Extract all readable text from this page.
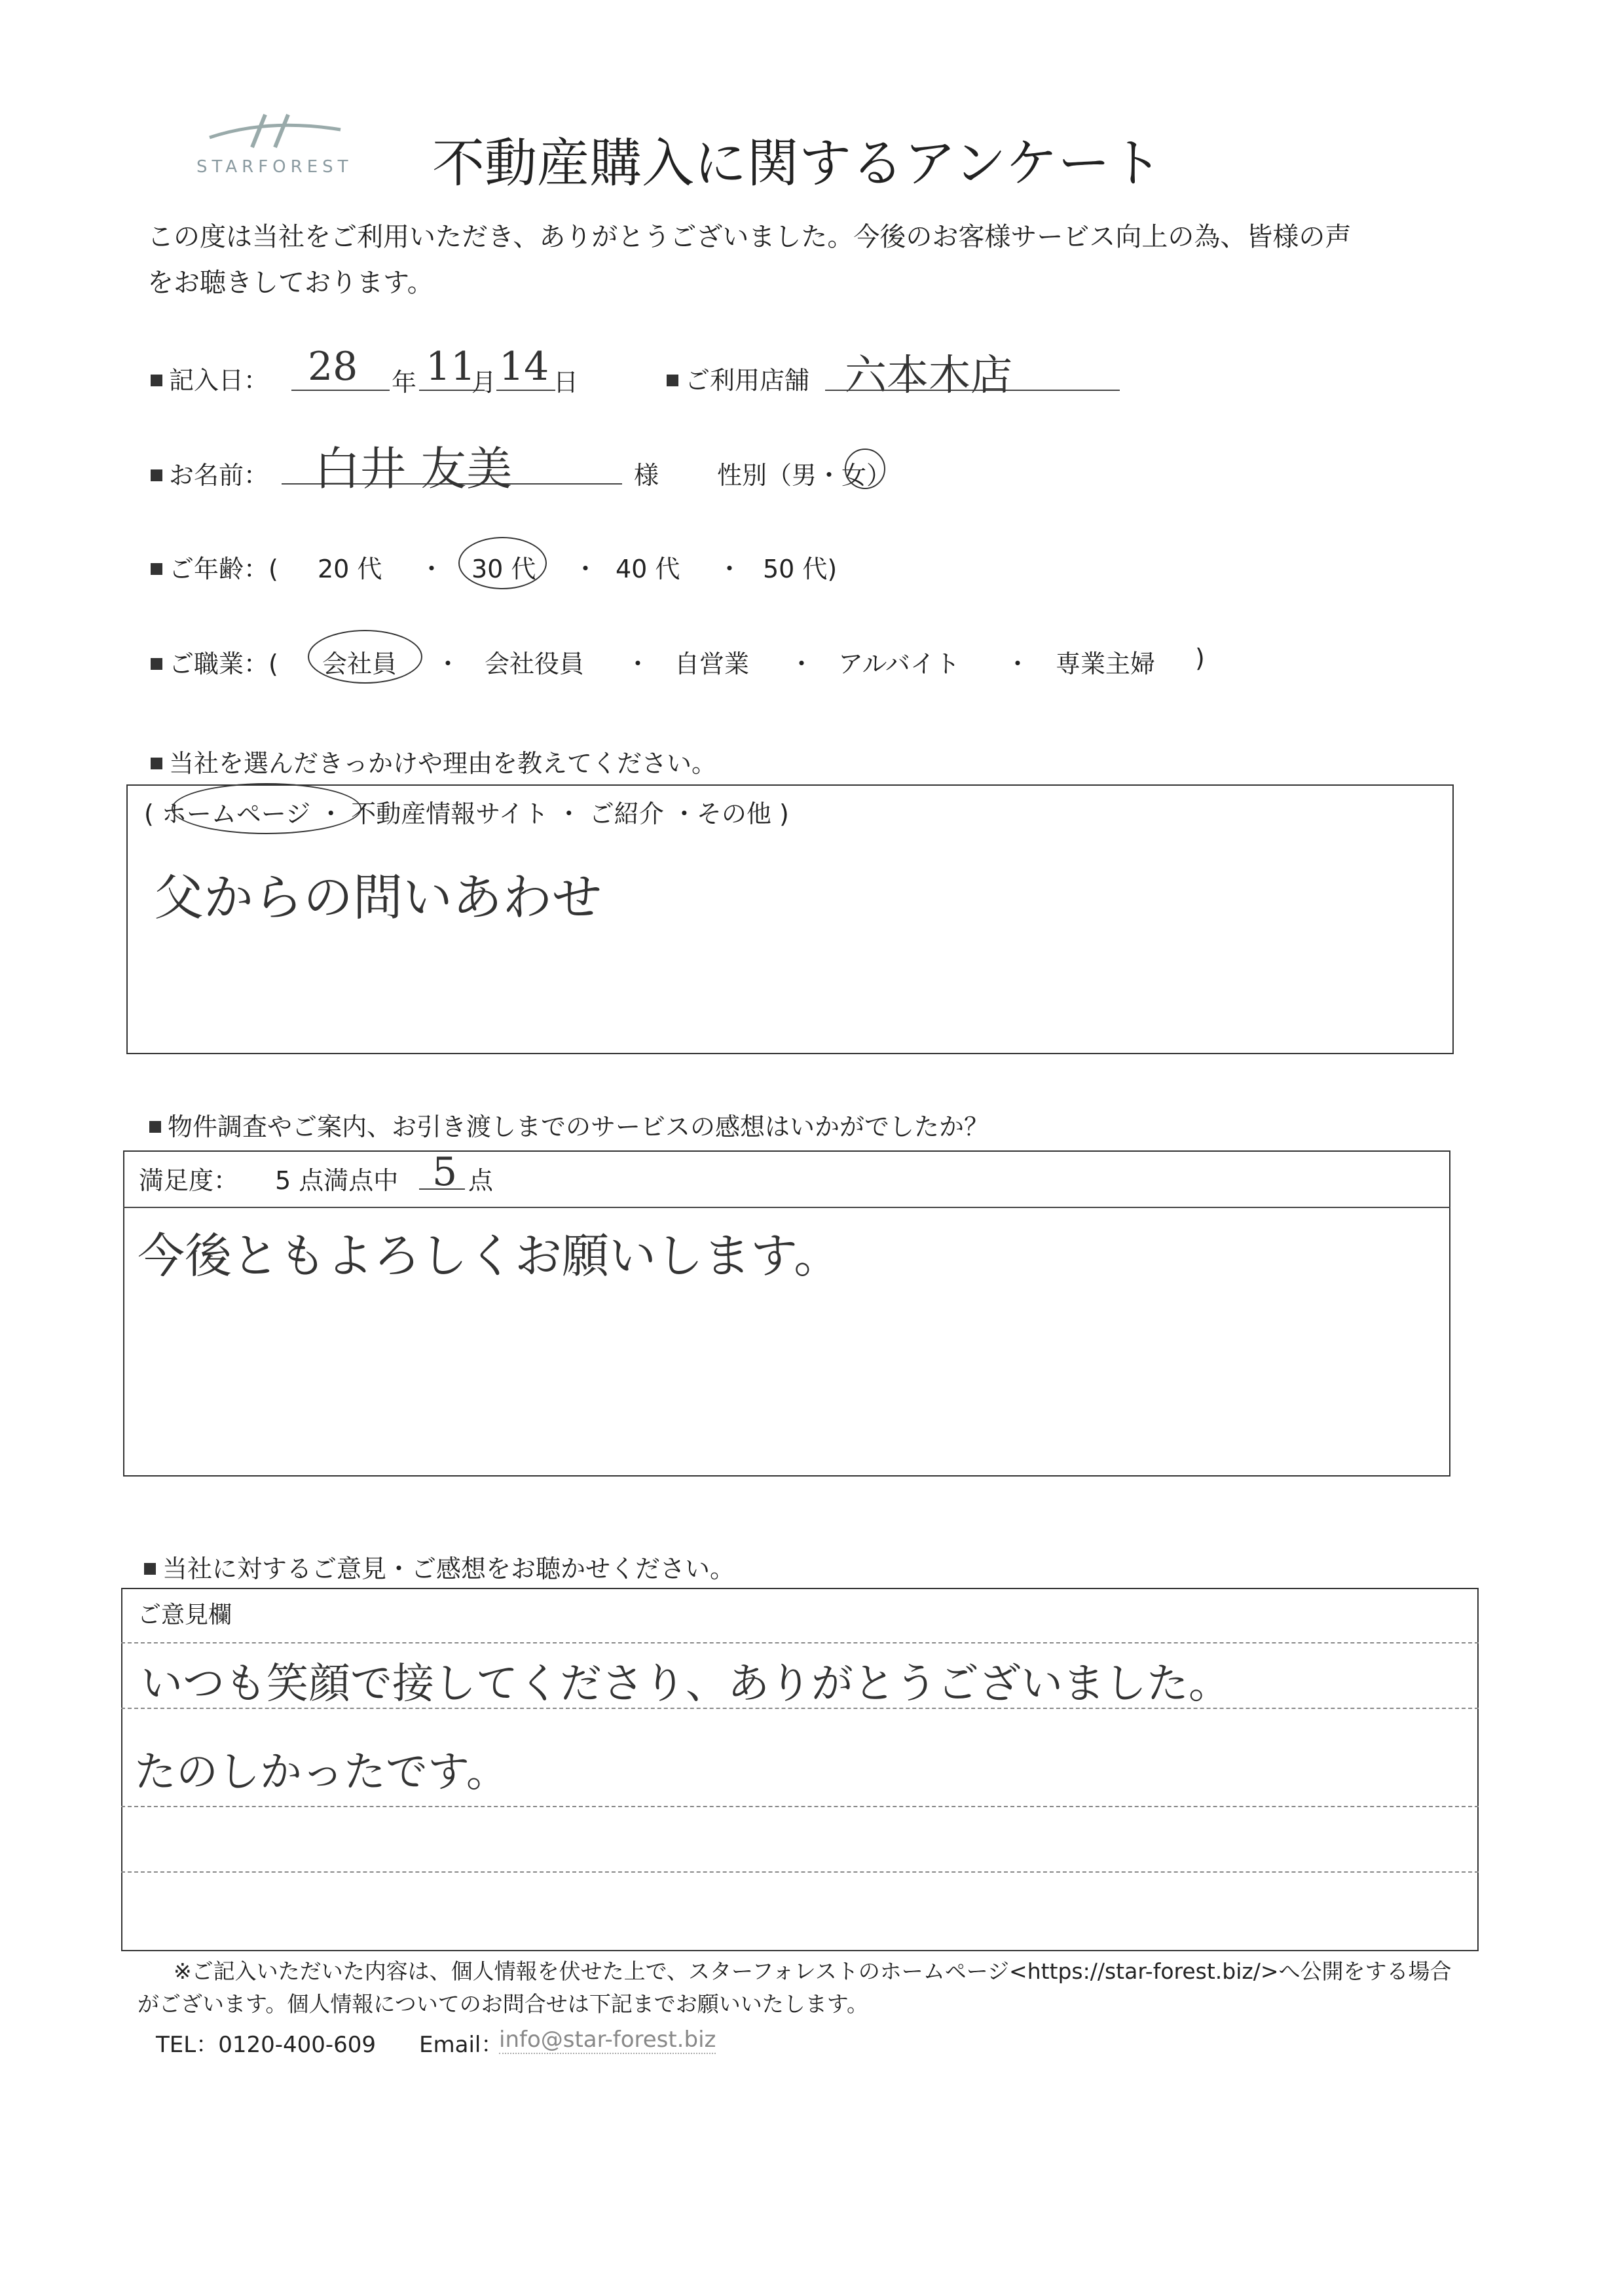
STARFOREST 不動産購入に関するアンケート
この度は当社をご利用いただき、ありがとうございました。今後のお客様サービス向上の為、皆様の声
をお聴きしております。
記入日： 28 年 11
月 14 日	ご利用店舗 六本木店
お名前： 白井 友美	様 性別（男・女）
ご年齢：( 20 代 ・ 30 代 ・ 40 代 ・ 50 代)
ご職業：( 会社員 ・ 会社役員 ・ 自営業 ・ アルバイト ・ 専業主婦 )
当社を選んだきっかけや理由を教えてください。
( ホームページ ・ 不動産情報サイト ・ ご紹介 ・その他 )
父からの問いあわせ
物件調査やご案内、お引き渡しまでのサービスの感想はいかがでしたか？
満足度： 5 点満点中 5 点
今後ともよろしくお願いします。
当社に対するご意見・ご感想をお聴かせください。
ご意見欄
いつも笑顔で接してくださり、ありがとうございました。
たのしかったです。
※ご記入いただいた内容は、個人情報を伏せた上で、スターフォレストのホームページ<https://star-forest.biz/>へ公開をする場合
がございます。個人情報についてのお問合せは下記までお願いいたします。
TEL：0120-400-609 Email：
info@star-forest.biz
